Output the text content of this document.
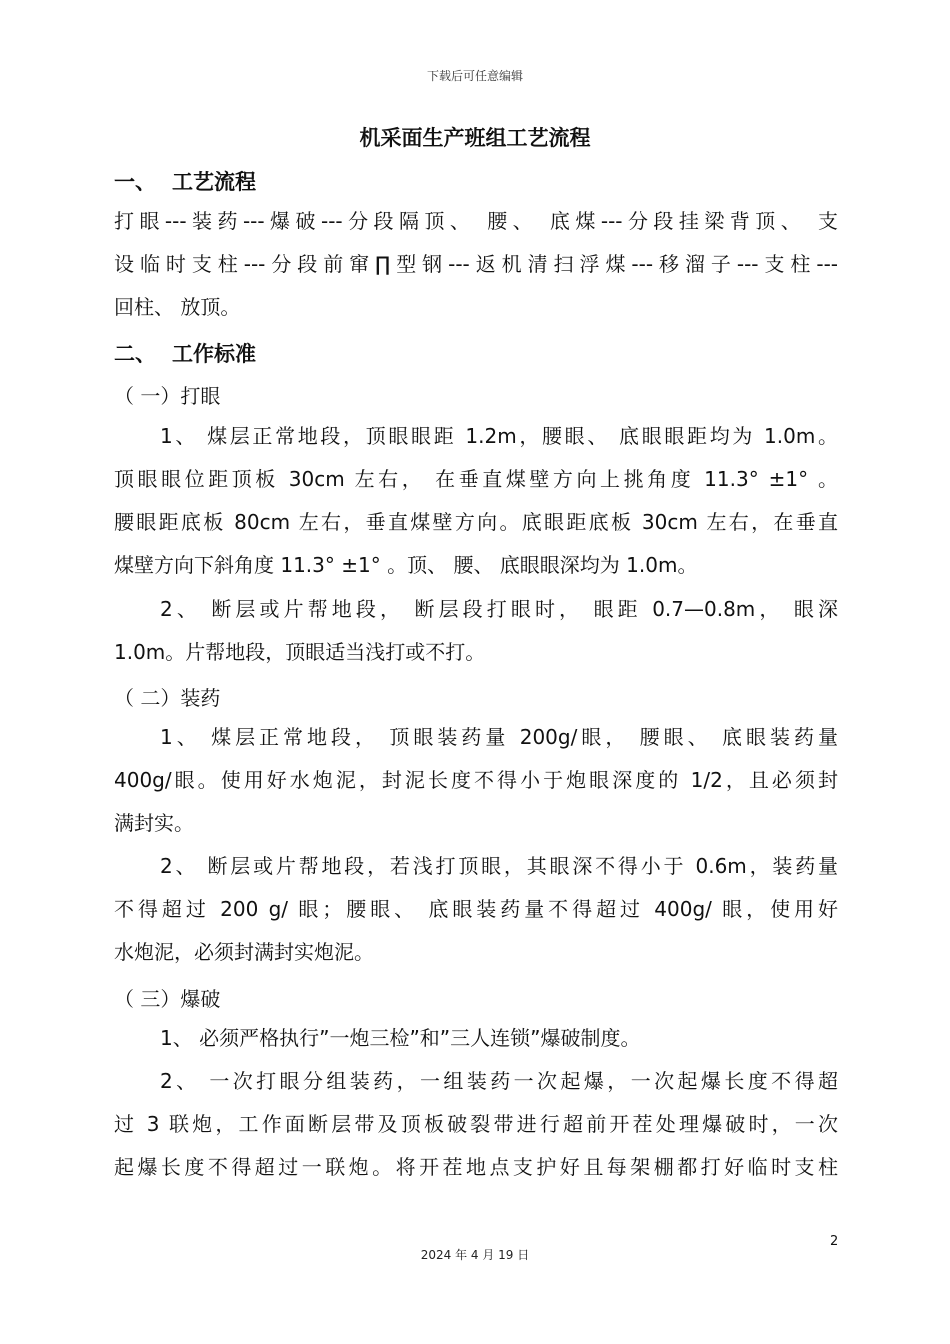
下载后可任意编辑
机采面生产班组工艺流程
一、 工艺流程
打眼---装药---爆破---分段隔顶、 腰、 底煤---分段挂梁背顶、 支
设临时支柱---分段前窜∏型钢---返机清扫浮煤---移溜子---支柱---
回柱、 放顶。
二、 工作标准
（ 一）打眼
1、 煤层正常地段，顶眼眼距 1.2m，腰眼、 底眼眼距均为 1.0m。
顶眼眼位距顶板 30cm 左右， 在垂直煤壁方向上挑角度 11.3° ±1° 。
腰眼距底板 80cm 左右，垂直煤壁方向。底眼距底板 30cm 左右，在垂直
煤壁方向下斜角度 11.3° ±1° 。顶、 腰、 底眼眼深均为 1.0m。
2、 断层或片帮地段， 断层段打眼时， 眼距 0.7—0.8m， 眼深
1.0m。片帮地段，顶眼适当浅打或不打。
（ 二）装药
1、 煤层正常地段， 顶眼装药量 200g/眼， 腰眼、 底眼装药量
400g/眼。使用好水炮泥，封泥长度不得小于炮眼深度的 1/2，且必须封
满封实。
2、 断层或片帮地段，若浅打顶眼，其眼深不得小于 0.6m，装药量
不得超过 200 g/ 眼；腰眼、 底眼装药量不得超过 400g/ 眼，使用好
水炮泥，必须封满封实炮泥。
（ 三）爆破
1、 必须严格执行”一炮三检”和”三人连锁”爆破制度。
2、 一次打眼分组装药，一组装药一次起爆，一次起爆长度不得超
过 3 联炮，工作面断层带及顶板破裂带进行超前开茬处理爆破时，一次
起爆长度不得超过一联炮。将开茬地点支护好且每架棚都打好临时支柱
2
2024 年 4 月 19 日
